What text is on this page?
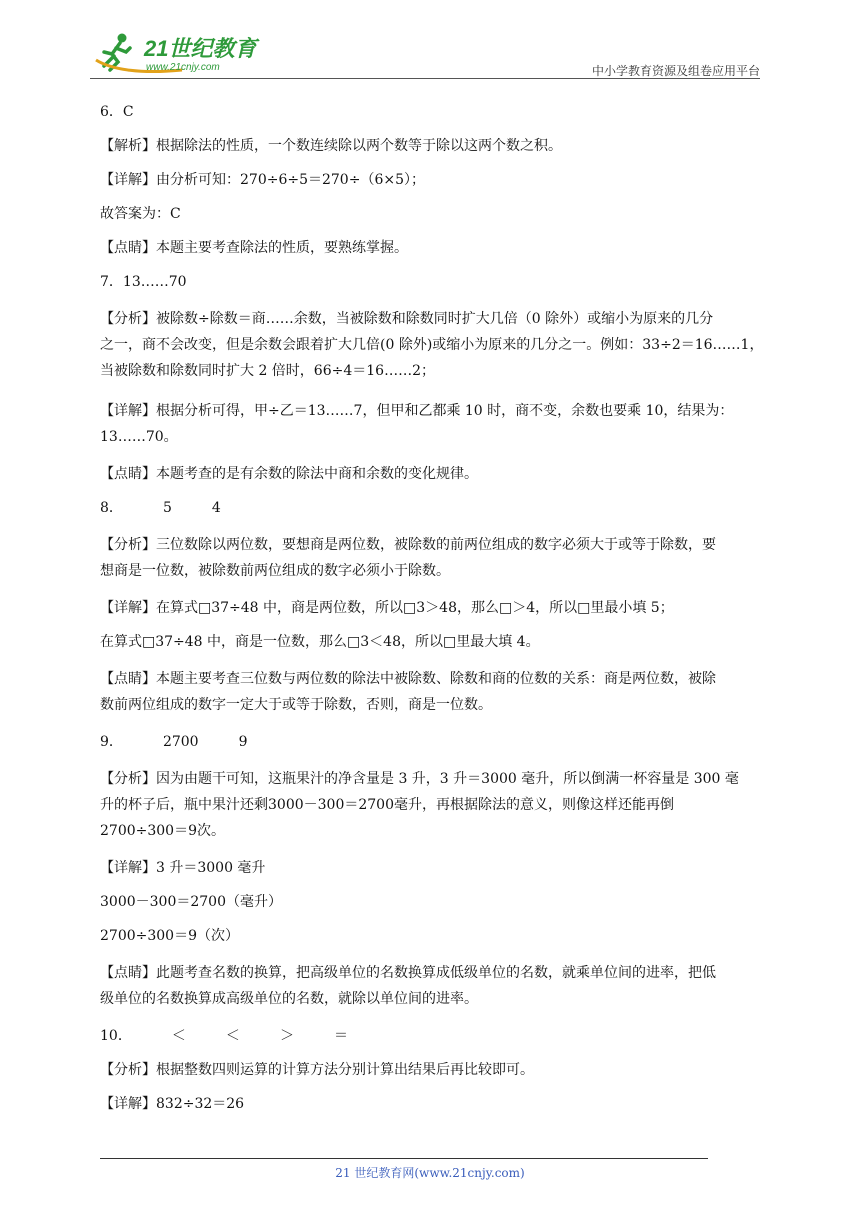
21世纪教育
www.21cnjy.com	中小学教育资源及组卷应用平台

6．C

【解析】根据除法的性质，一个数连续除以两个数等于除以这两个数之积。

【详解】由分析可知：270÷6÷5＝270÷（6×5）；

故答案为：C

【点睛】本题主要考查除法的性质，要熟练掌握。

7．13……70

【分析】被除数÷除数＝商……余数，当被除数和除数同时扩大几倍（0 除外）或缩小为原来的几分

之一，商不会改变，但是余数会跟着扩大几倍(0 除外)或缩小为原来的几分之一。例如：33÷2＝16……1，

当被除数和除数同时扩大 2 倍时，66÷4＝16……2；

【详解】根据分析可得，甲÷乙＝13……7，但甲和乙都乘 10 时，商不变，余数也要乘 10，结果为：

13……70。

【点睛】本题考查的是有余数的除法中商和余数的变化规律。

8．         5         4

【分析】三位数除以两位数，要想商是两位数，被除数的前两位组成的数字必须大于或等于除数，要

想商是一位数，被除数前两位组成的数字必须小于除数。

【详解】在算式□37÷48 中，商是两位数，所以□3＞48，那么□＞4，所以□里最小填 5；

在算式□37÷48 中，商是一位数，那么□3＜48，所以□里最大填 4。

【点睛】本题主要考查三位数与两位数的除法中被除数、除数和商的位数的关系：商是两位数，被除

数前两位组成的数字一定大于或等于除数，否则，商是一位数。

9．         2700         9

【分析】因为由题干可知，这瓶果汁的净含量是 3 升，3 升＝3000 毫升，所以倒满一杯容量是 300 毫

升的杯子后，瓶中果汁还剩3000－300＝2700毫升，再根据除法的意义，则像这样还能再倒

2700÷300＝9次。

【详解】3 升＝3000 毫升

3000－300＝2700（毫升）

2700÷300＝9（次）

【点睛】此题考查名数的换算，把高级单位的名数换算成低级单位的名数，就乘单位间的进率，把低

级单位的名数换算成高级单位的名数，就除以单位间的进率。

10．         ＜         ＜         ＞         ＝

【分析】根据整数四则运算的计算方法分别计算出结果后再比较即可。

【详解】832÷32＝26

21 世纪教育网(www.21cnjy.com)
